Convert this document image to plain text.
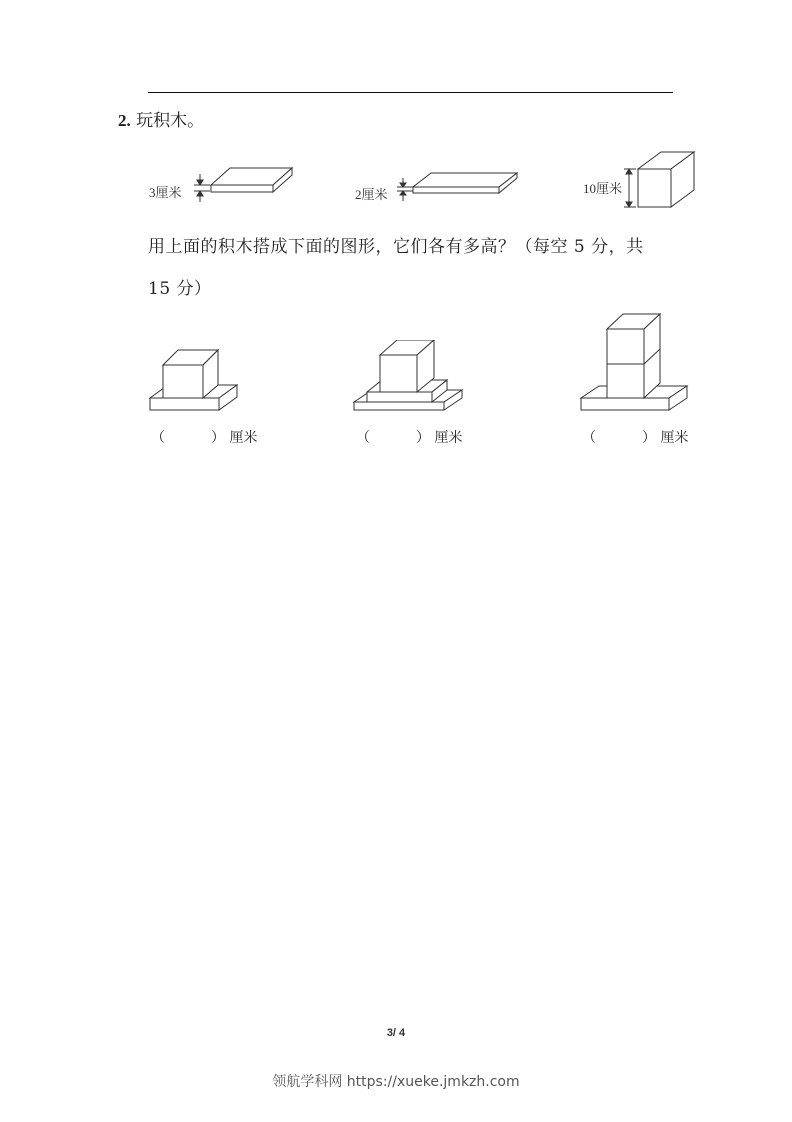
2. 玩积木。
3厘米	2厘米	10厘米
用上面的积木搭成下面的图形，它们各有多高？（每空 5 分，共
15 分）
（	） 厘米	（	） 厘米	（	） 厘米
3/ 4
领航学科网 https://xueke.jmkzh.com
